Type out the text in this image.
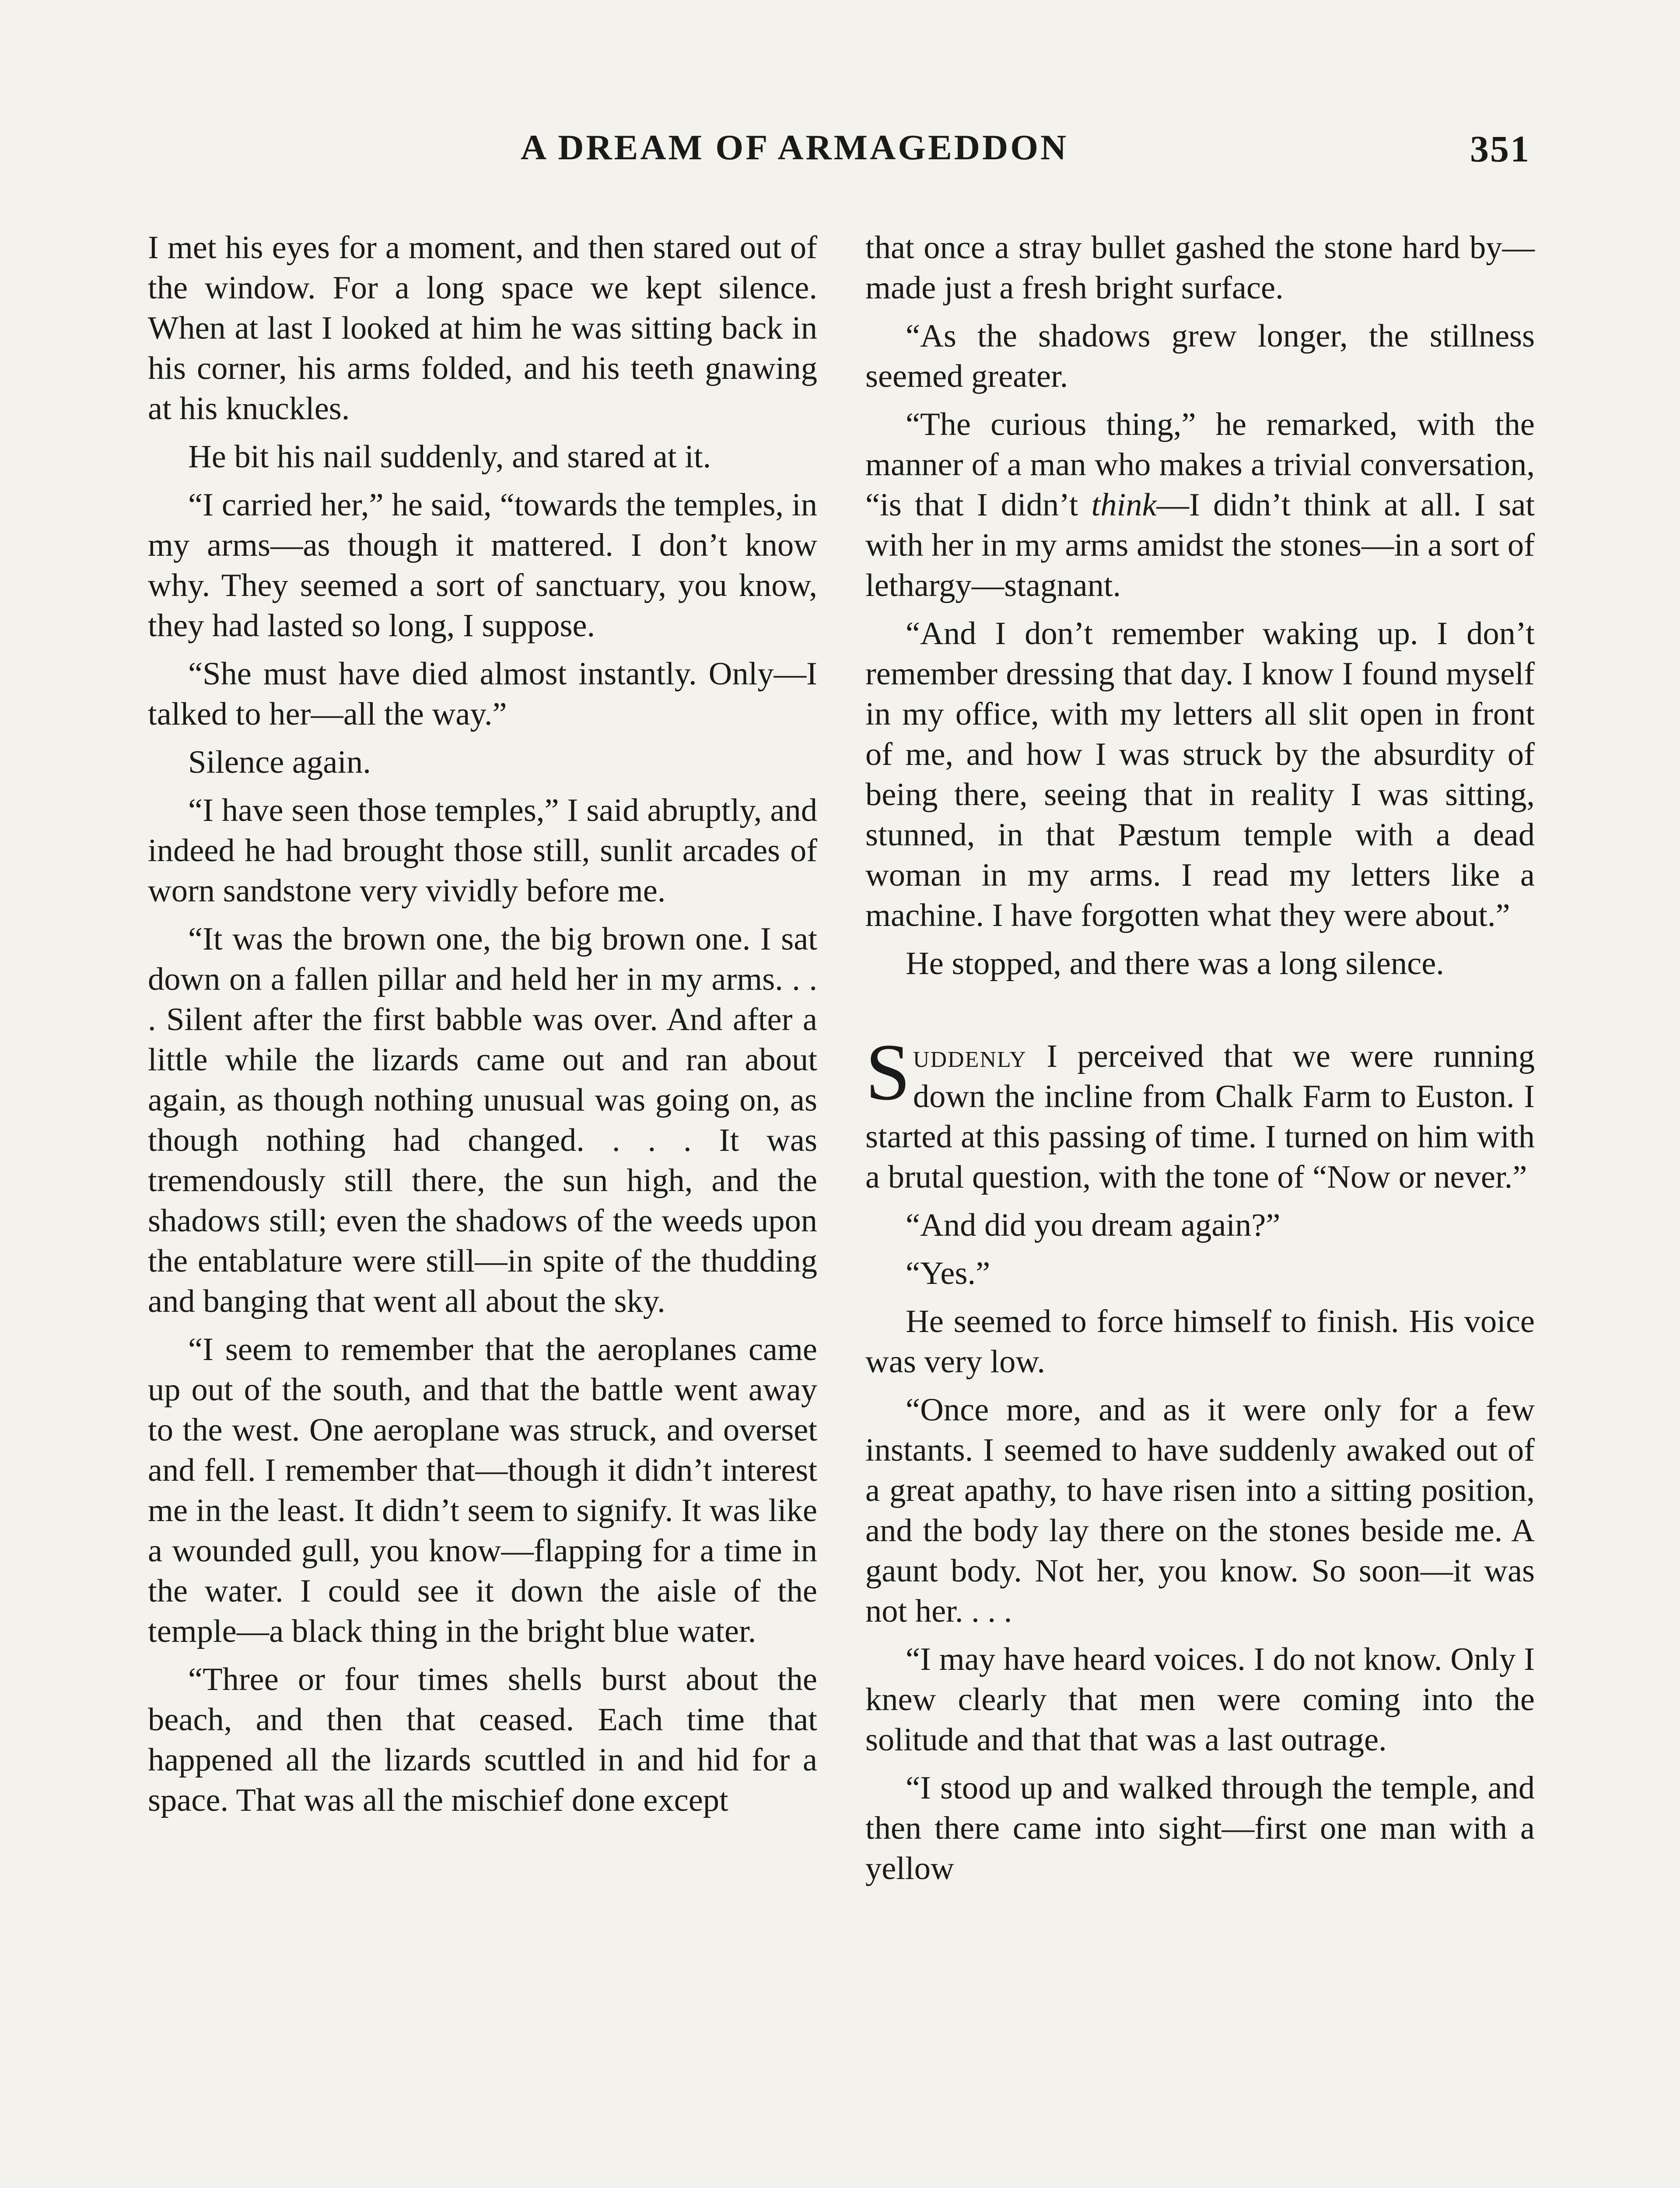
A DREAM OF ARMAGEDDON	351

I met his eyes for a moment, and then stared out of the window. For a long space we kept silence. When at last I looked at him he was sitting back in his corner, his arms folded, and his teeth gnawing at his knuckles.

He bit his nail suddenly, and stared at it.

“I carried her,” he said, “towards the temples, in my arms—as though it mattered. I don’t know why. They seemed a sort of sanctuary, you know, they had lasted so long, I suppose.

“She must have died almost instantly. Only—I talked to her—all the way.”

Silence again.

“I have seen those temples,” I said abruptly, and indeed he had brought those still, sunlit arcades of worn sandstone very vividly before me.

“It was the brown one, the big brown one. I sat down on a fallen pillar and held her in my arms. . . . Silent after the first babble was over. And after a little while the lizards came out and ran about again, as though nothing unusual was going on, as though nothing had changed. . . . It was tremendously still there, the sun high, and the shadows still; even the shadows of the weeds upon the entablature were still—in spite of the thudding and banging that went all about the sky.

“I seem to remember that the aeroplanes came up out of the south, and that the battle went away to the west. One aeroplane was struck, and overset and fell. I remember that—though it didn’t interest me in the least. It didn’t seem to signify. It was like a wounded gull, you know—flapping for a time in the water. I could see it down the aisle of the temple—a black thing in the bright blue water.

“Three or four times shells burst about the beach, and then that ceased. Each time that happened all the lizards scuttled in and hid for a space. That was all the mischief done except

that once a stray bullet gashed the stone hard by—made just a fresh bright surface.

“As the shadows grew longer, the stillness seemed greater.

“The curious thing,” he remarked, with the manner of a man who makes a trivial conversation, “is that I didn’t think—I didn’t think at all. I sat with her in my arms amidst the stones—in a sort of lethargy—stagnant.

“And I don’t remember waking up. I don’t remember dressing that day. I know I found myself in my office, with my letters all slit open in front of me, and how I was struck by the absurdity of being there, seeing that in reality I was sitting, stunned, in that Pæstum temple with a dead woman in my arms. I read my letters like a machine. I have forgotten what they were about.”

He stopped, and there was a long silence.

Suddenly I perceived that we were running down the incline from Chalk Farm to Euston. I started at this passing of time. I turned on him with a brutal question, with the tone of “Now or never.”

“And did you dream again?”

“Yes.”

He seemed to force himself to finish. His voice was very low.

“Once more, and as it were only for a few instants. I seemed to have suddenly awaked out of a great apathy, to have risen into a sitting position, and the body lay there on the stones beside me. A gaunt body. Not her, you know. So soon—it was not her. . . .

“I may have heard voices. I do not know. Only I knew clearly that men were coming into the solitude and that that was a last outrage.

“I stood up and walked through the temple, and then there came into sight—first one man with a yellow
